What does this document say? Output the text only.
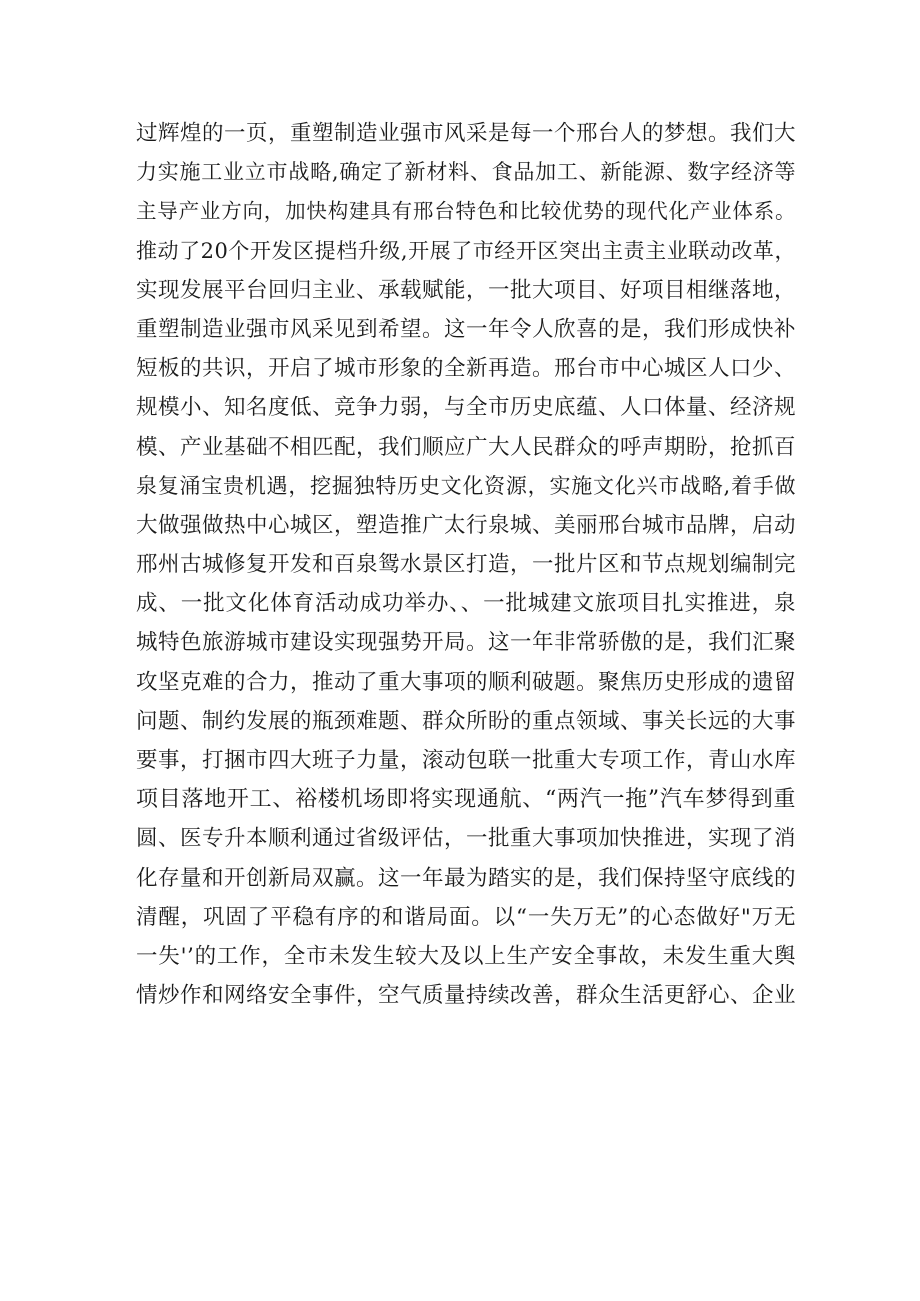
过辉煌的一页，重塑制造业强市风采是每一个邢台人的梦想。我们大
力实施工业立市战略,确定了新材料、食品加工、新能源、数字经济等
主导产业方向，加快构建具有邢台特色和比较优势的现代化产业体系。
推动了20个开发区提档升级,开展了市经开区突出主责主业联动改革，
实现发展平台回归主业、承载赋能，一批大项目、好项目相继落地，
重塑制造业强市风采见到希望。这一年令人欣喜的是，我们形成快补
短板的共识，开启了城市形象的全新再造。邢台市中心城区人口少、
规模小、知名度低、竞争力弱，与全市历史底蕴、人口体量、经济规
模、产业基础不相匹配，我们顺应广大人民群众的呼声期盼，抢抓百
泉复涌宝贵机遇，挖掘独特历史文化资源，实施文化兴市战略,着手做
大做强做热中心城区，塑造推广太行泉城、美丽邢台城市品牌，启动
邢州古城修复开发和百泉鸳水景区打造，一批片区和节点规划编制完
成、一批文化体育活动成功举办、、一批城建文旅项目扎实推进，泉
城特色旅游城市建设实现强势开局。这一年非常骄傲的是，我们汇聚
攻坚克难的合力，推动了重大事项的顺利破题。聚焦历史形成的遗留
问题、制约发展的瓶颈难题、群众所盼的重点领域、事关长远的大事
要事，打捆市四大班子力量，滚动包联一批重大专项工作，青山水库
项目落地开工、裕楼机场即将实现通航、“两汽一拖”汽车梦得到重
圆、医专升本顺利通过省级评估，一批重大事项加快推进，实现了消
化存量和开创新局双赢。这一年最为踏实的是，我们保持坚守底线的
清醒，巩固了平稳有序的和谐局面。以“一失万无”的心态做好"万无
一失'’的工作，全市未发生较大及以上生产安全事故，未发生重大舆
情炒作和网络安全事件，空气质量持续改善，群众生活更舒心、企业
